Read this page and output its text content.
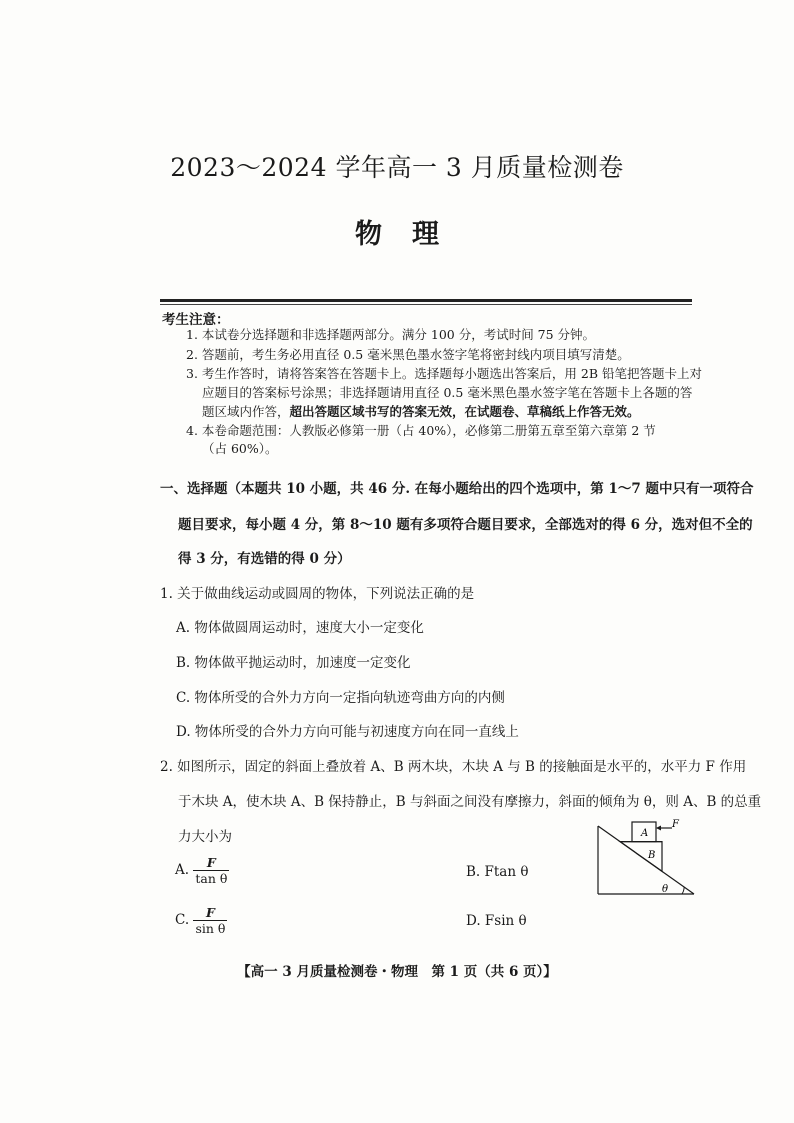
2023～2024 学年高一 3 月质量检测卷
物理
考生注意：
1. 本试卷分选择题和非选择题两部分。满分 100 分，考试时间 75 分钟。
2. 答题前，考生务必用直径 0.5 毫米黑色墨水签字笔将密封线内项目填写清楚。
3. 考生作答时，请将答案答在答题卡上。选择题每小题选出答案后，用 2B 铅笔把答题卡上对
应题目的答案标号涂黑；非选择题请用直径 0.5 毫米黑色墨水签字笔在答题卡上各题的答
题区域内作答，超出答题区域书写的答案无效，在试题卷、草稿纸上作答无效。
4. 本卷命题范围：人教版必修第一册（占 40%），必修第二册第五章至第六章第 2 节
（占 60%）。
一、选择题（本题共 10 小题，共 46 分. 在每小题给出的四个选项中，第 1～7 题中只有一项符合
题目要求，每小题 4 分，第 8～10 题有多项符合题目要求，全部选对的得 6 分，选对但不全的
得 3 分，有选错的得 0 分）
1. 关于做曲线运动或圆周的物体，下列说法正确的是
A. 物体做圆周运动时，速度大小一定变化
B. 物体做平抛运动时，加速度一定变化
C. 物体所受的合外力方向一定指向轨迹弯曲方向的内侧
D. 物体所受的合外力方向可能与初速度方向在同一直线上
2. 如图所示，固定的斜面上叠放着 A、B 两木块，木块 A 与 B 的接触面是水平的，水平力 F 作用
于木块 A，使木块 A、B 保持静止，B 与斜面之间没有摩擦力，斜面的倾角为 θ，则 A、B 的总重
力大小为
A. $\frac{F}{\text{tan θ}}$	B. Ftan θ
C. $\frac{F}{\text{sin θ}}$	D. Fsin θ
A
B
F
θ
【高一 3 月质量检测卷・物理　第 1 页（共 6 页）】
